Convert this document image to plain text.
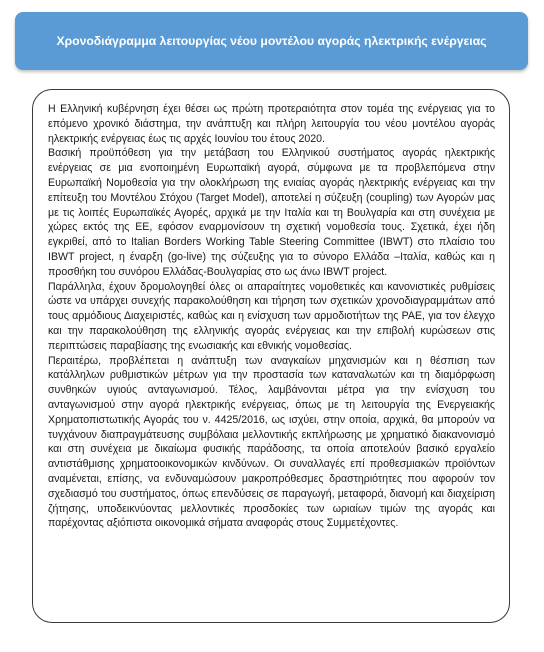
Χρονοδιάγραμμα λειτουργίας νέου μοντέλου αγοράς ηλεκτρικής ενέργειας

Η Ελληνική κυβέρνηση έχει θέσει ως πρώτη προτεραιότητα στον τομέα της ενέργειας για το επόμενο χρονικό διάστημα, την ανάπτυξη και πλήρη λειτουργία του νέου μοντέλου αγοράς ηλεκτρικής ενέργειας έως τις αρχές Ιουνίου του έτους 2020.

Βασική προϋπόθεση για την μετάβαση του Ελληνικού συστήματος αγοράς ηλεκτρικής ενέργειας σε μια ενοποιημένη Ευρωπαϊκή αγορά, σύμφωνα με τα προβλεπόμενα στην Ευρωπαϊκή Νομοθεσία για την ολοκλήρωση της ενιαίας αγοράς ηλεκτρικής ενέργειας και την επίτευξη του Μοντέλου Στόχου (Target Model), αποτελεί η σύζευξη (coupling) των Αγορών μας με τις λοιπές Ευρωπαϊκές Αγορές, αρχικά με την Ιταλία και τη Βουλγαρία και στη συνέχεια με χώρες εκτός της ΕΕ, εφόσον εναρμονίσουν τη σχετική νομοθεσία τους. Σχετικά, έχει ήδη εγκριθεί, από το Italian Borders Working Table Steering Committee (IBWT) στο πλαίσιο του IBWT project, η έναρξη (go-live) της σύζευξης για το σύνορο Ελλάδα –Ιταλία, καθώς και η προσθήκη του συνόρου Ελλάδας-Βουλγαρίας στο ως άνω IBWT project.

Παράλληλα, έχουν δρομολογηθεί όλες οι απαραίτητες νομοθετικές και κανονιστικές ρυθμίσεις ώστε να υπάρχει συνεχής παρακολούθηση και τήρηση των σχετικών χρονοδιαγραμμάτων από τους αρμόδιους Διαχειριστές, καθώς και η ενίσχυση των αρμοδιοτήτων της ΡΑΕ, για τον έλεγχο και την παρακολούθηση της ελληνικής αγοράς ενέργειας και την επιβολή κυρώσεων στις περιπτώσεις παραβίασης της ενωσιακής και εθνικής νομοθεσίας.

Περαιτέρω, προβλέπεται η ανάπτυξη των αναγκαίων μηχανισμών και η θέσπιση των κατάλληλων ρυθμιστικών μέτρων για την προστασία των καταναλωτών και τη διαμόρφωση συνθηκών υγιούς ανταγωνισμού. Τέλος, λαμβάνονται μέτρα για την ενίσχυση του ανταγωνισμού στην αγορά ηλεκτρικής ενέργειας, όπως με τη λειτουργία της Ενεργειακής Χρηματοπιστωτικής Αγοράς του ν. 4425/2016, ως ισχύει, στην οποία, αρχικά, θα μπορούν να τυγχάνουν διαπραγμάτευσης συμβόλαια μελλοντικής εκπλήρωσης με χρηματικό διακανονισμό και στη συνέχεια με δικαίωμα φυσικής παράδοσης, τα οποία αποτελούν βασικό εργαλείο αντιστάθμισης χρηματοοικονομικών κινδύνων. Οι συναλλαγές επί προθεσμιακών προϊόντων αναμένεται, επίσης, να ενδυναμώσουν μακροπρόθεσμες δραστηριότητες που αφορούν τον σχεδιασμό του συστήματος, όπως επενδύσεις σε παραγωγή, μεταφορά, διανομή και διαχείριση ζήτησης, υποδεικνύοντας μελλοντικές προσδοκίες των ωριαίων τιμών της αγοράς και παρέχοντας αξιόπιστα οικονομικά σήματα αναφοράς στους Συμμετέχοντες.
